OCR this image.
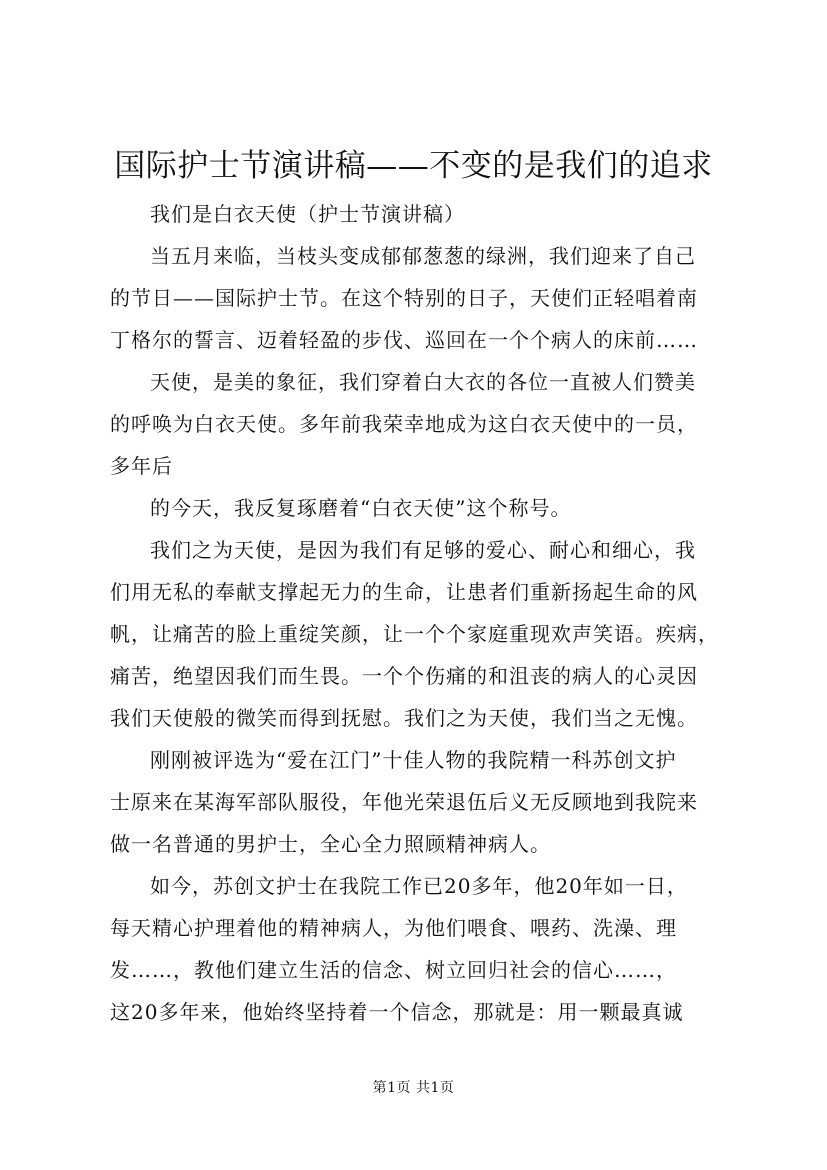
国际护士节演讲稿——不变的是我们的追求
我们是白衣天使（护士节演讲稿）
当五月来临，当枝头变成郁郁葱葱的绿洲，我们迎来了自己
的节日——国际护士节。在这个特别的日子，天使们正轻唱着南
丁格尔的誓言、迈着轻盈的步伐、巡回在一个个病人的床前……
天使，是美的象征，我们穿着白大衣的各位一直被人们赞美
的呼唤为白衣天使。多年前我荣幸地成为这白衣天使中的一员，
多年后
的今天，我反复琢磨着“白衣天使”这个称号。
我们之为天使，是因为我们有足够的爱心、耐心和细心，我
们用无私的奉献支撑起无力的生命，让患者们重新扬起生命的风
帆，让痛苦的脸上重绽笑颜，让一个个家庭重现欢声笑语。疾病，
痛苦，绝望因我们而生畏。一个个伤痛的和沮丧的病人的心灵因
我们天使般的微笑而得到抚慰。我们之为天使，我们当之无愧。
刚刚被评选为“爱在江门”十佳人物的我院精一科苏创文护
士原来在某海军部队服役，年他光荣退伍后义无反顾地到我院来
做一名普通的男护士，全心全力照顾精神病人。
如今，苏创文护士在我院工作已20多年，他20年如一日，
每天精心护理着他的精神病人，为他们喂食、喂药、洗澡、理
发……，教他们建立生活的信念、树立回归社会的信心……，
这20多年来，他始终坚持着一个信念，那就是：用一颗最真诚
第1页 共1页
